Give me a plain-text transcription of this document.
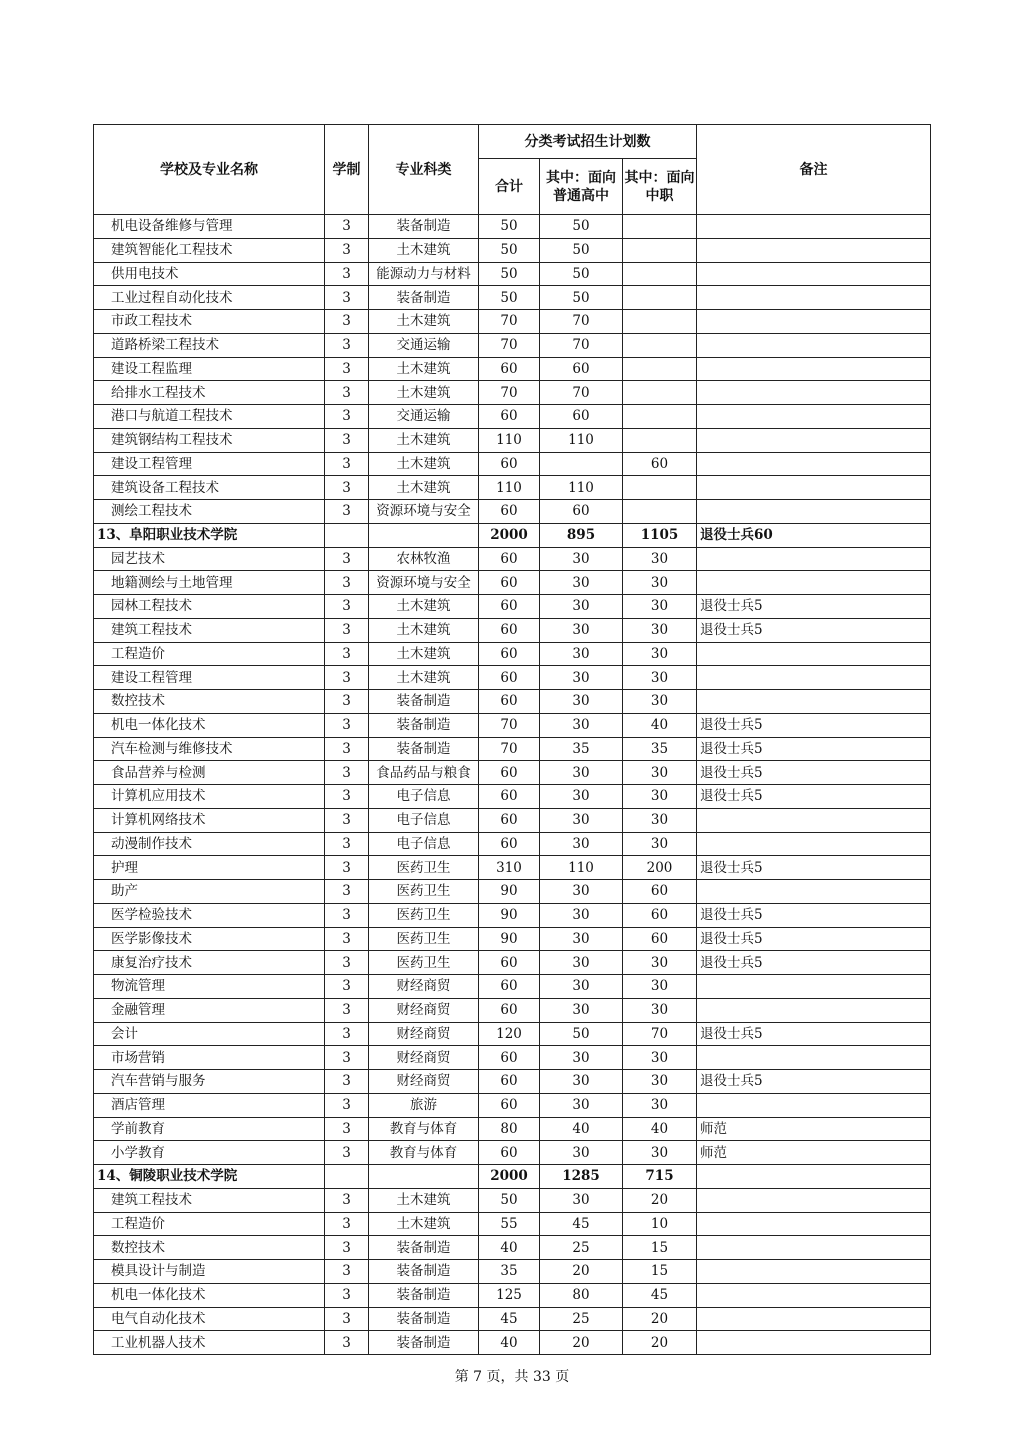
学校及专业名称	学制	专业科类	分类考试招生计划数			备注
			合计	其中：面向普通高中	其中：面向中职	
机电设备维修与管理	3	装备制造	50	50		
建筑智能化工程技术	3	土木建筑	50	50		
供用电技术	3	能源动力与材料	50	50		
工业过程自动化技术	3	装备制造	50	50		
市政工程技术	3	土木建筑	70	70		
道路桥梁工程技术	3	交通运输	70	70		
建设工程监理	3	土木建筑	60	60		
给排水工程技术	3	土木建筑	70	70		
港口与航道工程技术	3	交通运输	60	60		
建筑钢结构工程技术	3	土木建筑	110	110		
建设工程管理	3	土木建筑	60		60	
建筑设备工程技术	3	土木建筑	110	110		
测绘工程技术	3	资源环境与安全	60	60		
13、阜阳职业技术学院			2000	895	1105	退役士兵60
园艺技术	3	农林牧渔	60	30	30	
地籍测绘与土地管理	3	资源环境与安全	60	30	30	
园林工程技术	3	土木建筑	60	30	30	退役士兵5
建筑工程技术	3	土木建筑	60	30	30	退役士兵5
工程造价	3	土木建筑	60	30	30	
建设工程管理	3	土木建筑	60	30	30	
数控技术	3	装备制造	60	30	30	
机电一体化技术	3	装备制造	70	30	40	退役士兵5
汽车检测与维修技术	3	装备制造	70	35	35	退役士兵5
食品营养与检测	3	食品药品与粮食	60	30	30	退役士兵5
计算机应用技术	3	电子信息	60	30	30	退役士兵5
计算机网络技术	3	电子信息	60	30	30	
动漫制作技术	3	电子信息	60	30	30	
护理	3	医药卫生	310	110	200	退役士兵5
助产	3	医药卫生	90	30	60	
医学检验技术	3	医药卫生	90	30	60	退役士兵5
医学影像技术	3	医药卫生	90	30	60	退役士兵5
康复治疗技术	3	医药卫生	60	30	30	退役士兵5
物流管理	3	财经商贸	60	30	30	
金融管理	3	财经商贸	60	30	30	
会计	3	财经商贸	120	50	70	退役士兵5
市场营销	3	财经商贸	60	30	30	
汽车营销与服务	3	财经商贸	60	30	30	退役士兵5
酒店管理	3	旅游	60	30	30	
学前教育	3	教育与体育	80	40	40	师范
小学教育	3	教育与体育	60	30	30	师范
14、铜陵职业技术学院			2000	1285	715	
建筑工程技术	3	土木建筑	50	30	20	
工程造价	3	土木建筑	55	45	10	
数控技术	3	装备制造	40	25	15	
模具设计与制造	3	装备制造	35	20	15	
机电一体化技术	3	装备制造	125	80	45	
电气自动化技术	3	装备制造	45	25	20	
工业机器人技术	3	装备制造	40	20	20	
第 7 页，共 33 页
